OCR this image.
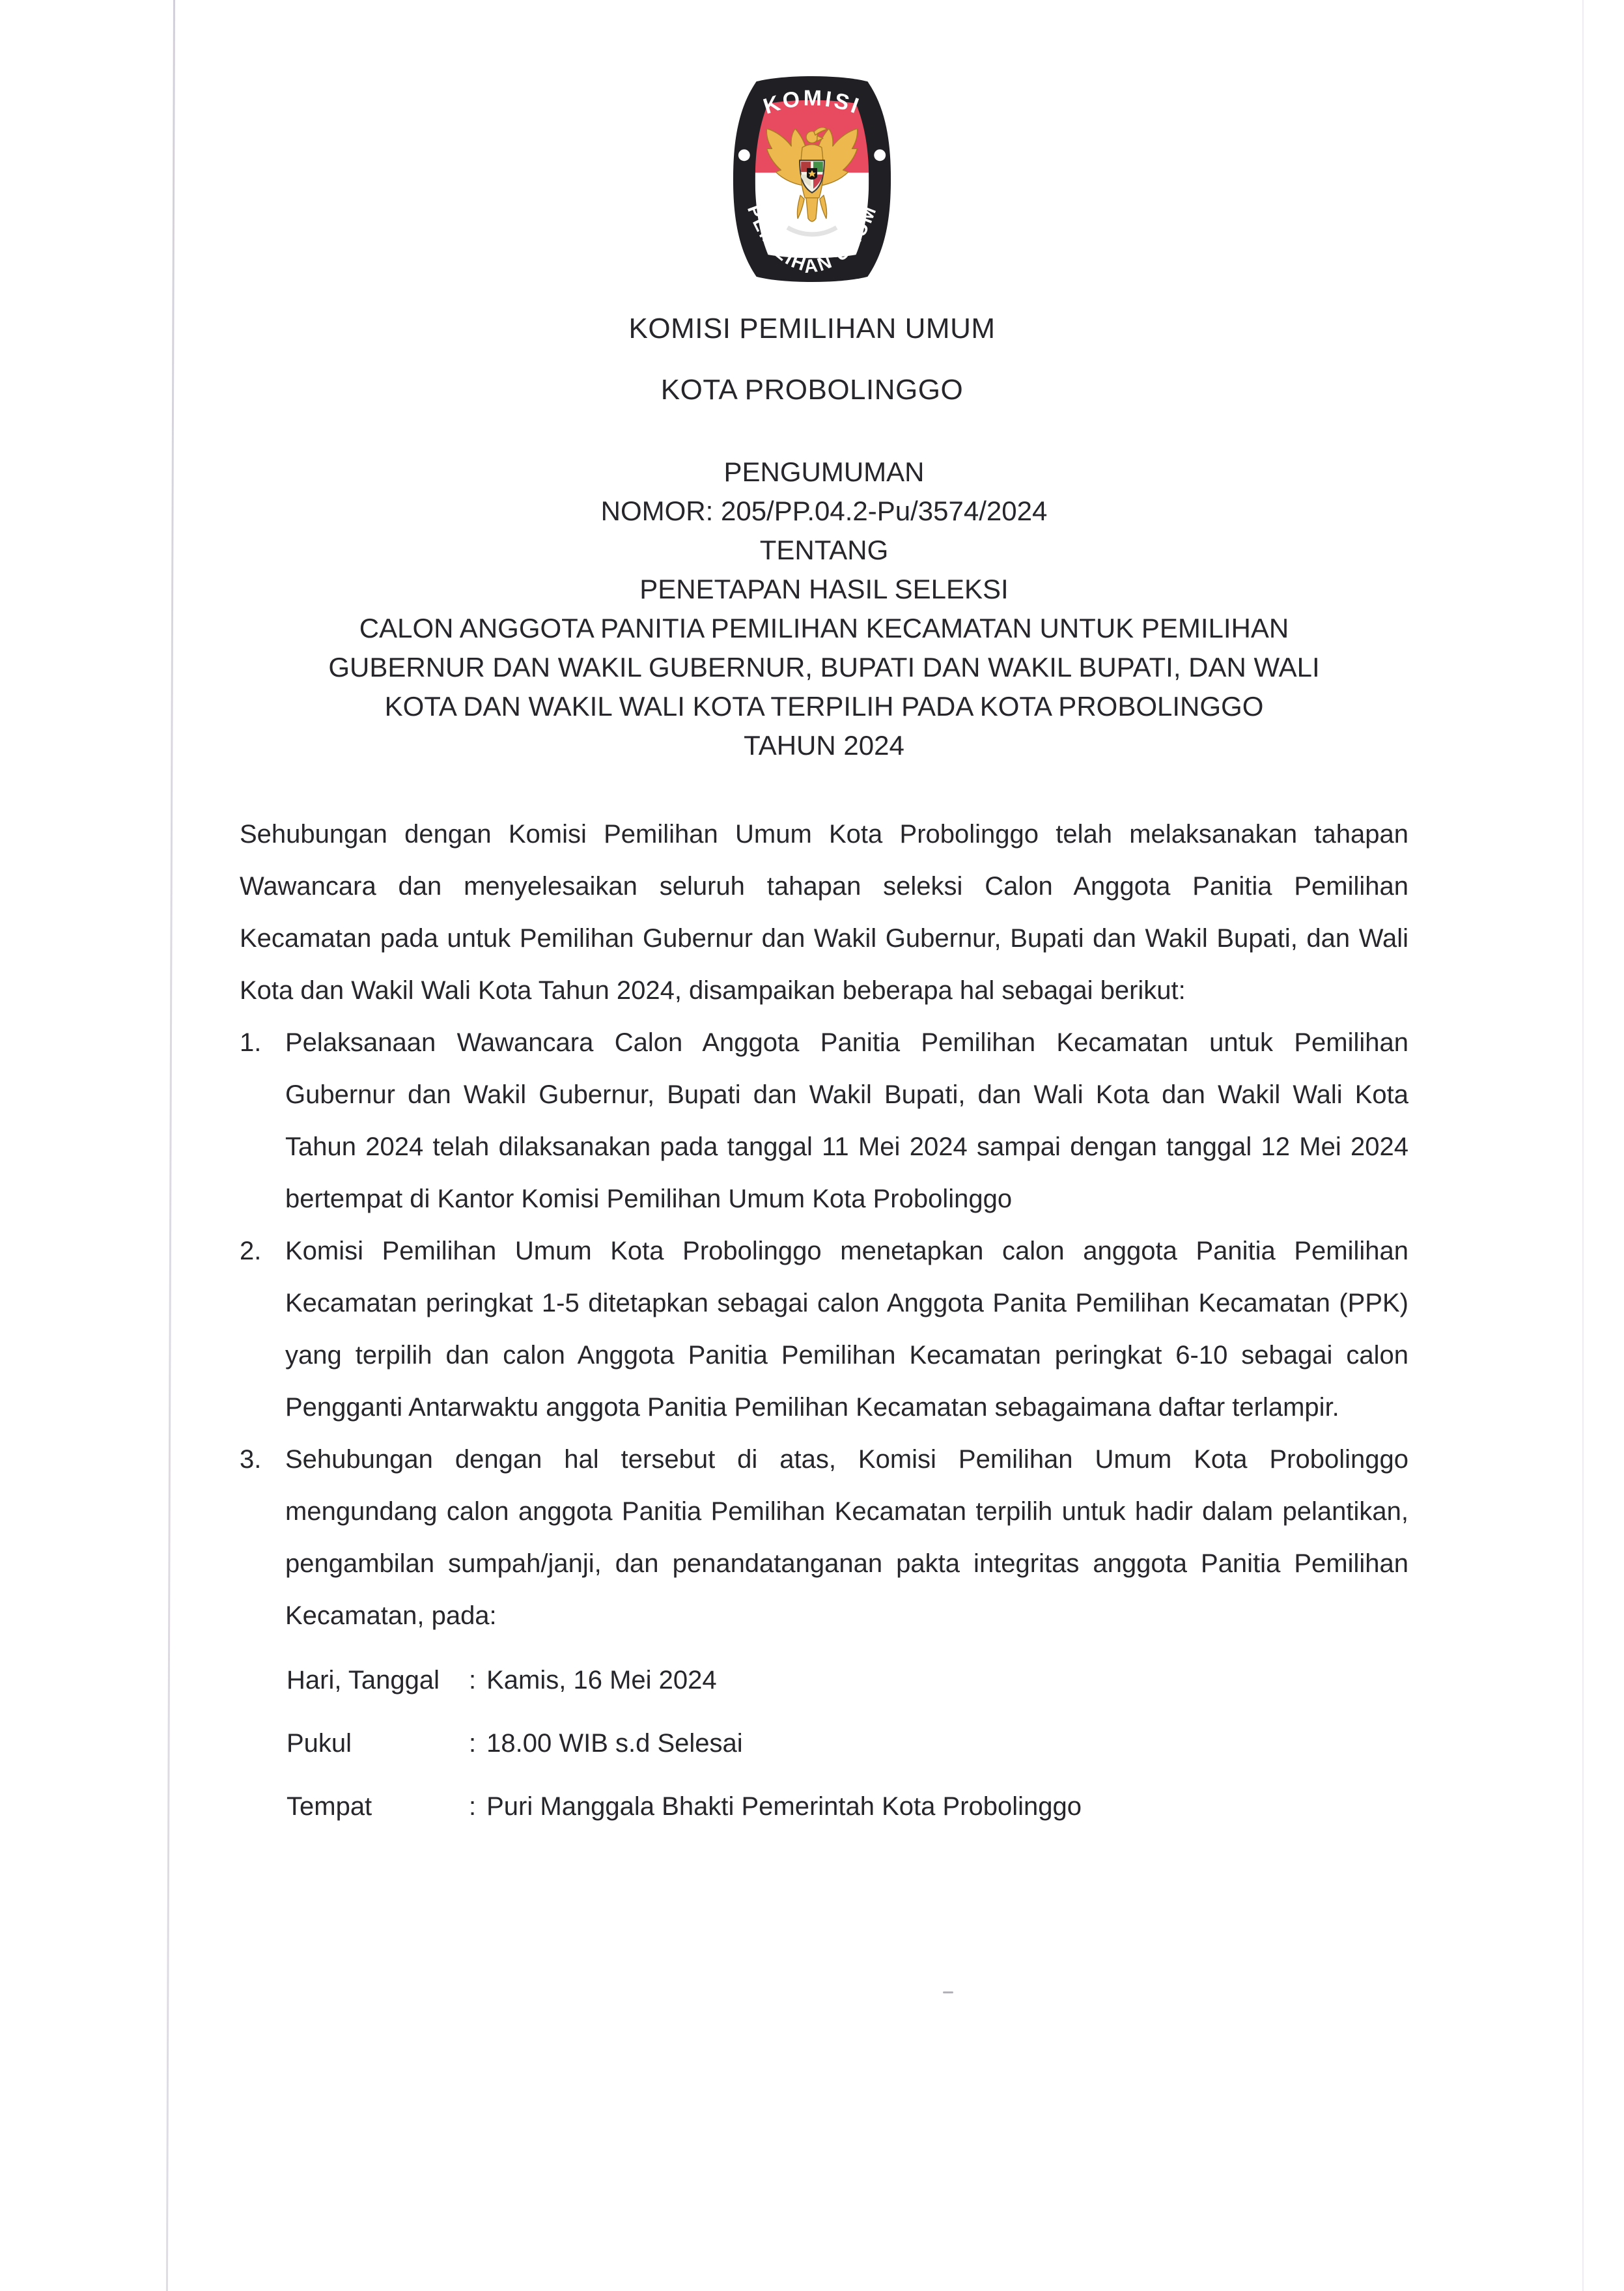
KOMISI
PEMILIHAN UMUM
KOMISI PEMILIHAN UMUM
KOTA PROBOLINGGO
PENGUMUMAN
NOMOR: 205/PP.04.2-Pu/3574/2024
TENTANG
PENETAPAN HASIL SELEKSI
CALON ANGGOTA PANITIA PEMILIHAN KECAMATAN UNTUK PEMILIHAN
GUBERNUR DAN WAKIL GUBERNUR, BUPATI DAN WAKIL BUPATI, DAN WALI
KOTA DAN WAKIL WALI KOTA TERPILIH PADA KOTA PROBOLINGGO
TAHUN 2024

Sehubungan dengan Komisi Pemilihan Umum Kota Probolinggo telah melaksanakan tahapan Wawancara dan menyelesaikan seluruh tahapan seleksi Calon Anggota Panitia Pemilihan Kecamatan pada untuk Pemilihan Gubernur dan Wakil Gubernur, Bupati dan Wakil Bupati, dan Wali Kota dan Wakil Wali Kota Tahun 2024, disampaikan beberapa hal sebagai berikut:

1. Pelaksanaan Wawancara Calon Anggota Panitia Pemilihan Kecamatan untuk Pemilihan Gubernur dan Wakil Gubernur, Bupati dan Wakil Bupati, dan Wali Kota dan Wakil Wali Kota Tahun 2024 telah dilaksanakan pada tanggal 11 Mei 2024 sampai dengan tanggal 12 Mei 2024 bertempat di Kantor Komisi Pemilihan Umum Kota Probolinggo
2. Komisi Pemilihan Umum Kota Probolinggo menetapkan calon anggota Panitia Pemilihan Kecamatan peringkat 1-5 ditetapkan sebagai calon Anggota Panita Pemilihan Kecamatan (PPK) yang terpilih dan calon Anggota Panitia Pemilihan Kecamatan peringkat 6-10 sebagai calon Pengganti Antarwaktu anggota Panitia Pemilihan Kecamatan sebagaimana daftar terlampir.
3. Sehubungan dengan hal tersebut di atas, Komisi Pemilihan Umum Kota Probolinggo mengundang calon anggota Panitia Pemilihan Kecamatan terpilih untuk hadir dalam pelantikan, pengambilan sumpah/janji, dan penandatanganan pakta integritas anggota Panitia Pemilihan Kecamatan, pada:
Hari, Tanggal	: Kamis, 16 Mei 2024
Pukul	: 18.00 WIB s.d Selesai
Tempat	: Puri Manggala Bhakti Pemerintah Kota Probolinggo
